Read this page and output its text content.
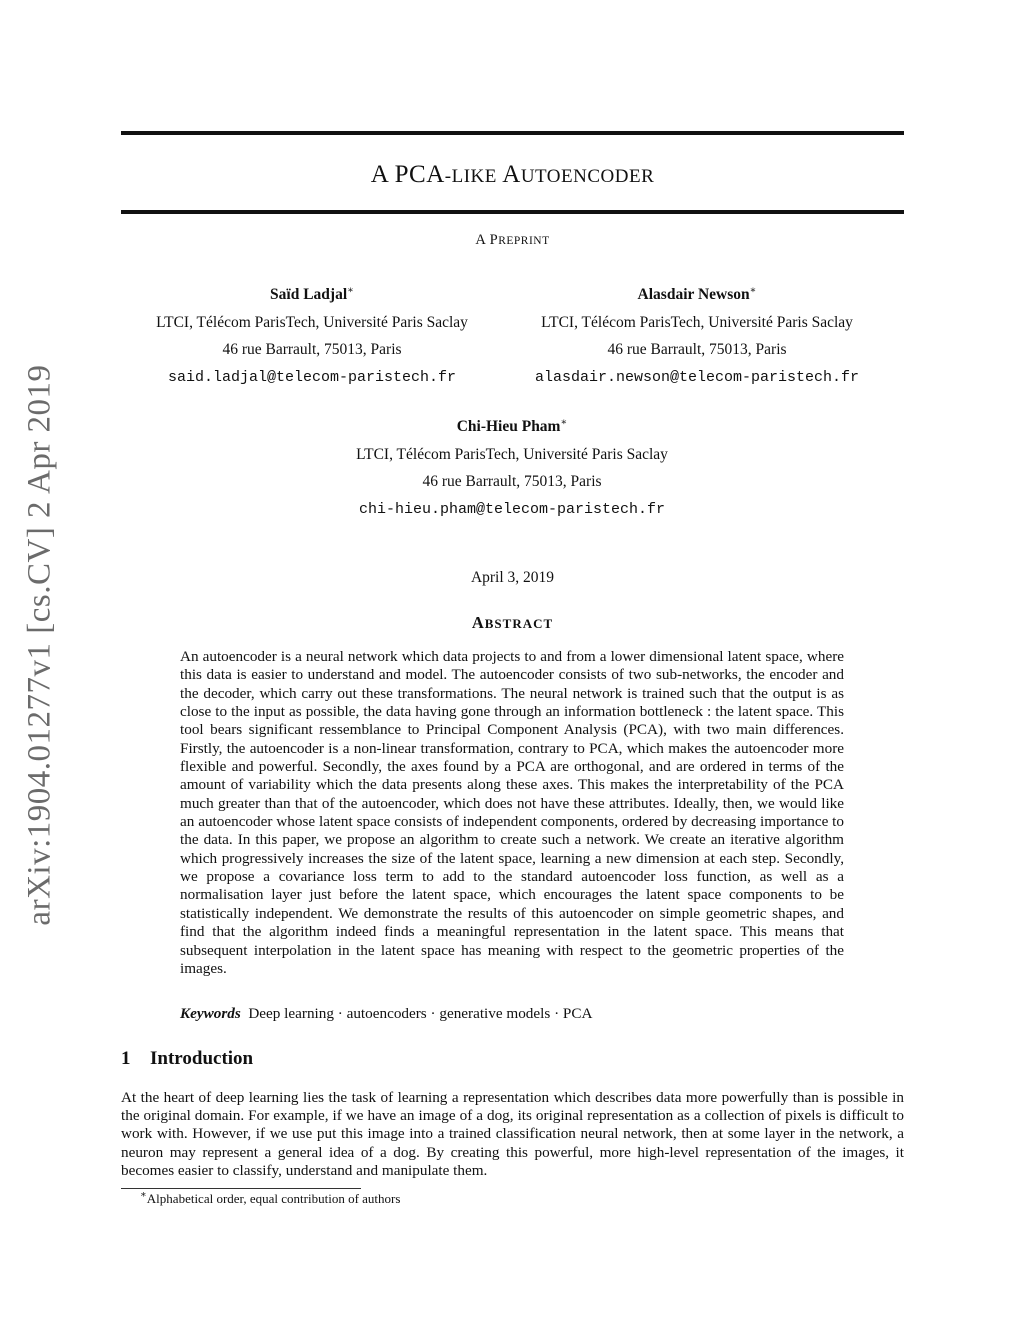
arXiv:1904.01277v1 [cs.CV] 2 Apr 2019
A PCA-LIKE AUTOENCODER
A PREPRINT
Saïd Ladjal∗
LTCI, Télécom ParisTech, Université Paris Saclay
46 rue Barrault, 75013, Paris
said.ladjal@telecom-paristech.fr
Alasdair Newson∗
LTCI, Télécom ParisTech, Université Paris Saclay
46 rue Barrault, 75013, Paris
alasdair.newson@telecom-paristech.fr
Chi-Hieu Pham∗
LTCI, Télécom ParisTech, Université Paris Saclay
46 rue Barrault, 75013, Paris
chi-hieu.pham@telecom-paristech.fr
April 3, 2019
ABSTRACT

An autoencoder is a neural network which data projects to and from a lower dimensional latent space, where this data is easier to understand and model. The autoencoder consists of two sub-networks, the encoder and the decoder, which carry out these transformations. The neural network is trained such that the output is as close to the input as possible, the data having gone through an information bottleneck : the latent space. This tool bears significant ressemblance to Principal Component Analysis (PCA), with two main differences. Firstly, the autoencoder is a non-linear transformation, contrary to PCA, which makes the autoencoder more flexible and powerful. Secondly, the axes found by a PCA are orthogonal, and are ordered in terms of the amount of variability which the data presents along these axes. This makes the interpretability of the PCA much greater than that of the autoencoder, which does not have these attributes. Ideally, then, we would like an autoencoder whose latent space consists of independent components, ordered by decreasing importance to the data. In this paper, we propose an algorithm to create such a network. We create an iterative algorithm which progressively increases the size of the latent space, learning a new dimension at each step. Secondly, we propose a covariance loss term to add to the standard autoencoder loss function, as well as a normalisation layer just before the latent space, which encourages the latent space components to be statistically independent. We demonstrate the results of this autoencoder on simple geometric shapes, and find that the algorithm indeed finds a meaningful representation in the latent space. This means that subsequent interpolation in the latent space has meaning with respect to the geometric properties of the images.

Keywords Deep learning · autoencoders · generative models · PCA
1 Introduction

At the heart of deep learning lies the task of learning a representation which describes data more powerfully than is possible in the original domain. For example, if we have an image of a dog, its original representation as a collection of pixels is difficult to work with. However, if we use put this image into a trained classification neural network, then at some layer in the network, a neuron may represent a general idea of a dog. By creating this powerful, more high-level representation of the images, it becomes easier to classify, understand and manipulate them.

∗Alphabetical order, equal contribution of authors
